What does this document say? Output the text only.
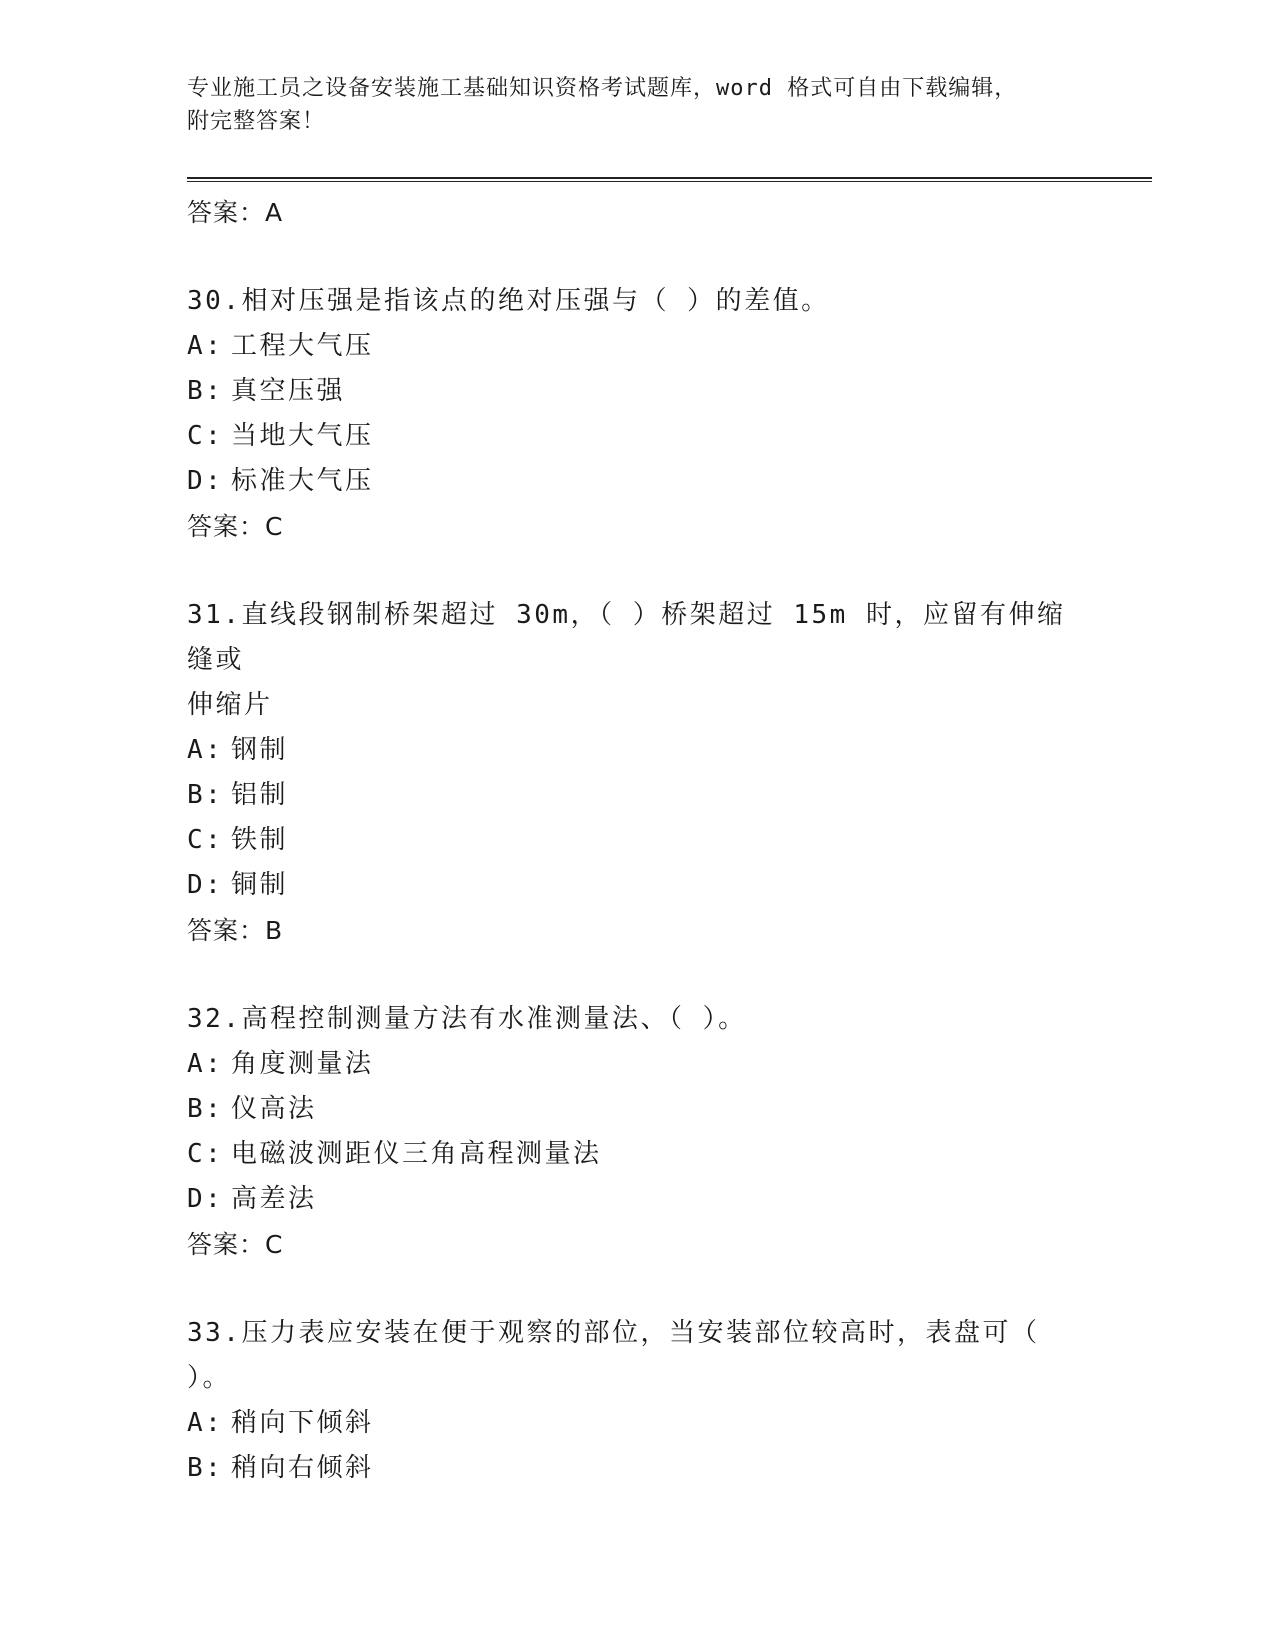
专业施工员之设备安装施工基础知识资格考试题库，word 格式可自由下载编辑，
附完整答案！
答案：A
30.相对压强是指该点的绝对压强与（ ）的差值。
A: 工程大气压
B: 真空压强
C: 当地大气压
D: 标准大气压
答案：C
31.直线段钢制桥架超过 30m，（ ）桥架超过 15m 时，应留有伸缩缝或
伸缩片
A: 钢制
B: 铝制
C: 铁制
D: 铜制
答案：B
32.高程控制测量方法有水准测量法、（ ）。
A: 角度测量法
B: 仪高法
C: 电磁波测距仪三角高程测量法
D: 高差法
答案：C
33.压力表应安装在便于观察的部位，当安装部位较高时，表盘可（
）。
A: 稍向下倾斜
B: 稍向右倾斜
